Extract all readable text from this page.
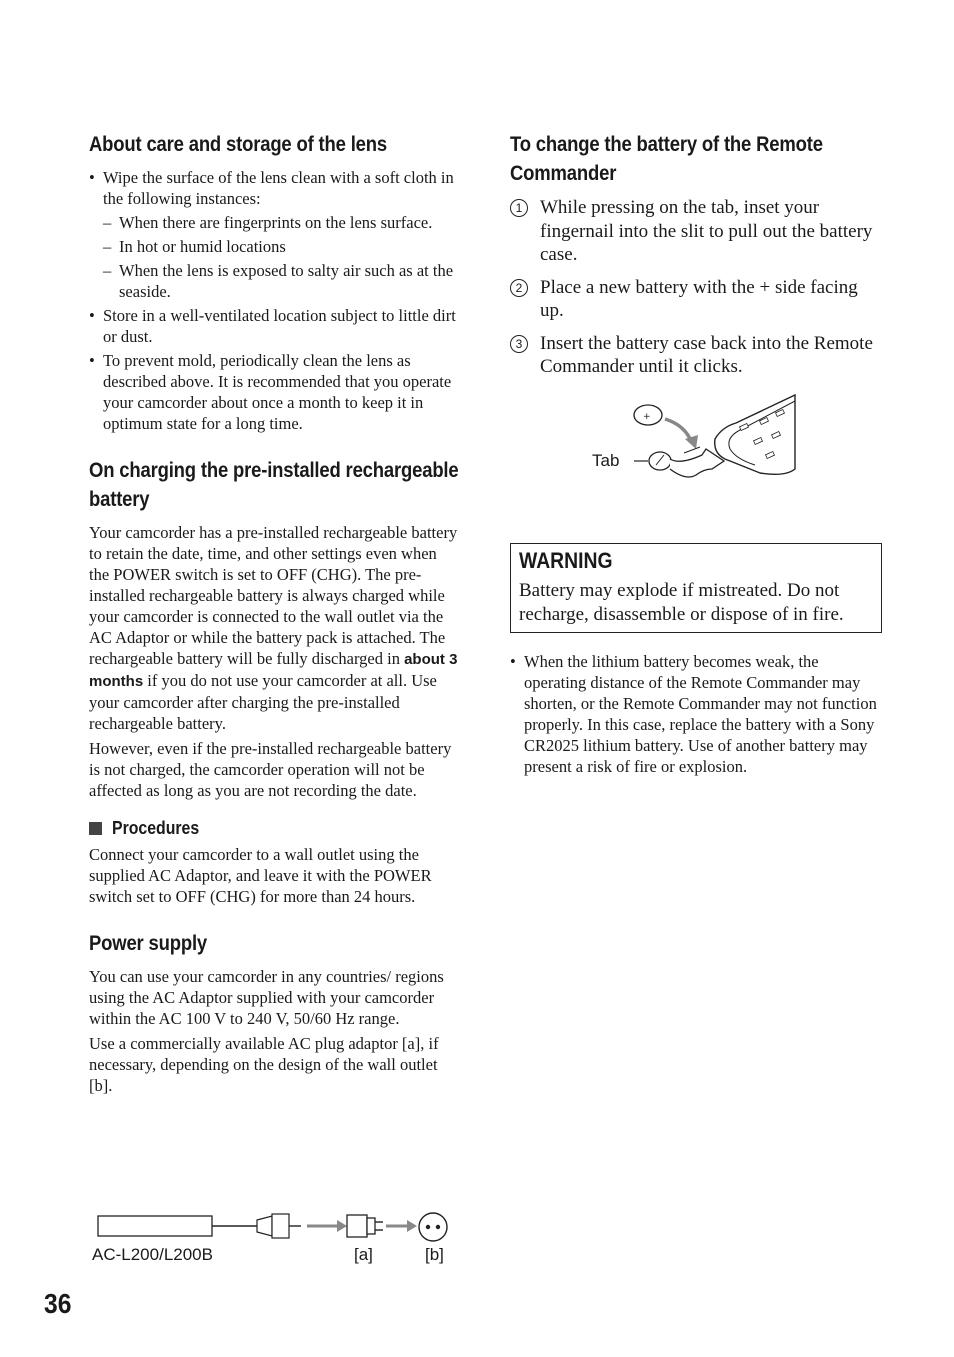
About care and storage of the lens
• Wipe the surface of the lens clean with a soft cloth in the following instances:
– When there are fingerprints on the lens surface.
– In hot or humid locations
– When the lens is exposed to salty air such as at the seaside.
• Store in a well-ventilated location subject to little dirt or dust.
• To prevent mold, periodically clean the lens as described above. It is recommended that you operate your camcorder about once a month to keep it in optimum state for a long time.
On charging the pre-installed rechargeable battery

Your camcorder has a pre-installed rechargeable battery to retain the date, time, and other settings even when the POWER switch is set to OFF (CHG). The pre-installed rechargeable battery is always charged while your camcorder is connected to the wall outlet via the AC Adaptor or while the battery pack is attached. The rechargeable battery will be fully discharged in about 3 months if you do not use your camcorder at all. Use your camcorder after charging the pre-installed rechargeable battery.

However, even if the pre-installed rechargeable battery is not charged, the camcorder operation will not be affected as long as you are not recording the date.

Procedures

Connect your camcorder to a wall outlet using the supplied AC Adaptor, and leave it with the POWER switch set to OFF (CHG) for more than 24 hours.

Power supply

You can use your camcorder in any countries/ regions using the AC Adaptor supplied with your camcorder within the AC 100 V to 240 V, 50/60 Hz range.

Use a commercially available AC plug adaptor [a], if necessary, depending on the design of the wall outlet [b].

AC-L200/L200B	[a]	[b]
To change the battery of the Remote Commander
1 While pressing on the tab, inset your fingernail into the slit to pull out the battery case.
2 Place a new battery with the + side facing up.
3 Insert the battery case back into the Remote Commander until it clicks.
+
Tab
WARNING
Battery may explode if mistreated. Do not recharge, disassemble or dispose of in fire.
• When the lithium battery becomes weak, the operating distance of the Remote Commander may shorten, or the Remote Commander may not function properly. In this case, replace the battery with a Sony CR2025 lithium battery. Use of another battery may present a risk of fire or explosion.
36
